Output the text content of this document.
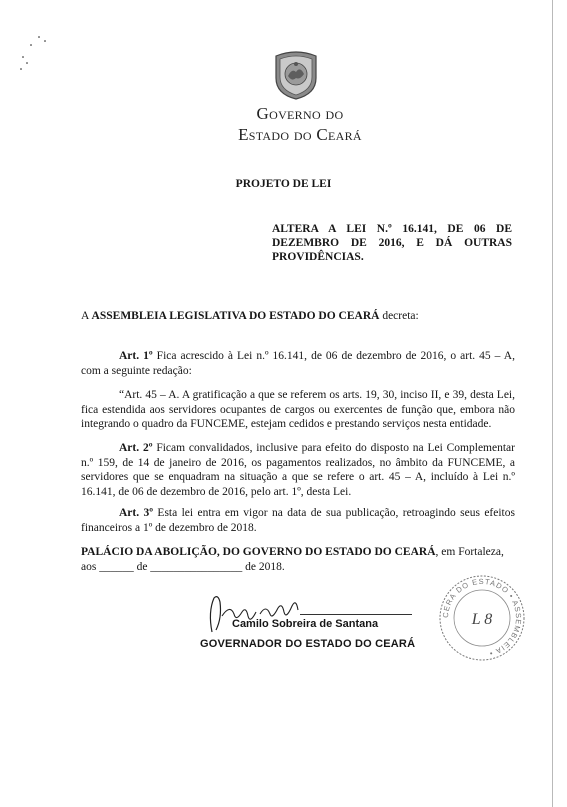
GOVERNO DO
ESTADO DO CEARÁ
PROJETO DE LEI
ALTERA A LEI N.º 16.141, DE 06 DE DEZEMBRO DE 2016, E DÁ OUTRAS PROVIDÊNCIAS.
A ASSEMBLEIA LEGISLATIVA DO ESTADO DO CEARÁ decreta:
Art. 1º Fica acrescido à Lei n.º 16.141, de 06 de dezembro de 2016, o art. 45 – A, com a seguinte redação:
“Art. 45 – A. A gratificação a que se referem os arts. 19, 30, inciso II, e 39, desta Lei, fica estendida aos servidores ocupantes de cargos ou exercentes de função que, embora não integrando o quadro da FUNCEME, estejam cedidos e prestando serviços nesta entidade.
Art. 2º Ficam convalidados, inclusive para efeito do disposto na Lei Complementar n.º 159, de 14 de janeiro de 2016, os pagamentos realizados, no âmbito da FUNCEME, a servidores que se enquadram na situação a que se refere o art. 45 – A, incluído à Lei n.º 16.141, de 06 de dezembro de 2016, pelo art. 1º, desta Lei.
Art. 3º Esta lei entra em vigor na data de sua publicação, retroagindo seus efeitos financeiros a 1º de dezembro de 2018.
PALÁCIO DA ABOLIÇÃO, DO GOVERNO DO ESTADO DO CEARÁ, em Fortaleza,
aos ______ de ________________ de 2018.
Camilo Sobreira de Santana
GOVERNADOR DO ESTADO DO CEARÁ
CERA DO ESTADO • ASSEMBLEIA •
L 8
